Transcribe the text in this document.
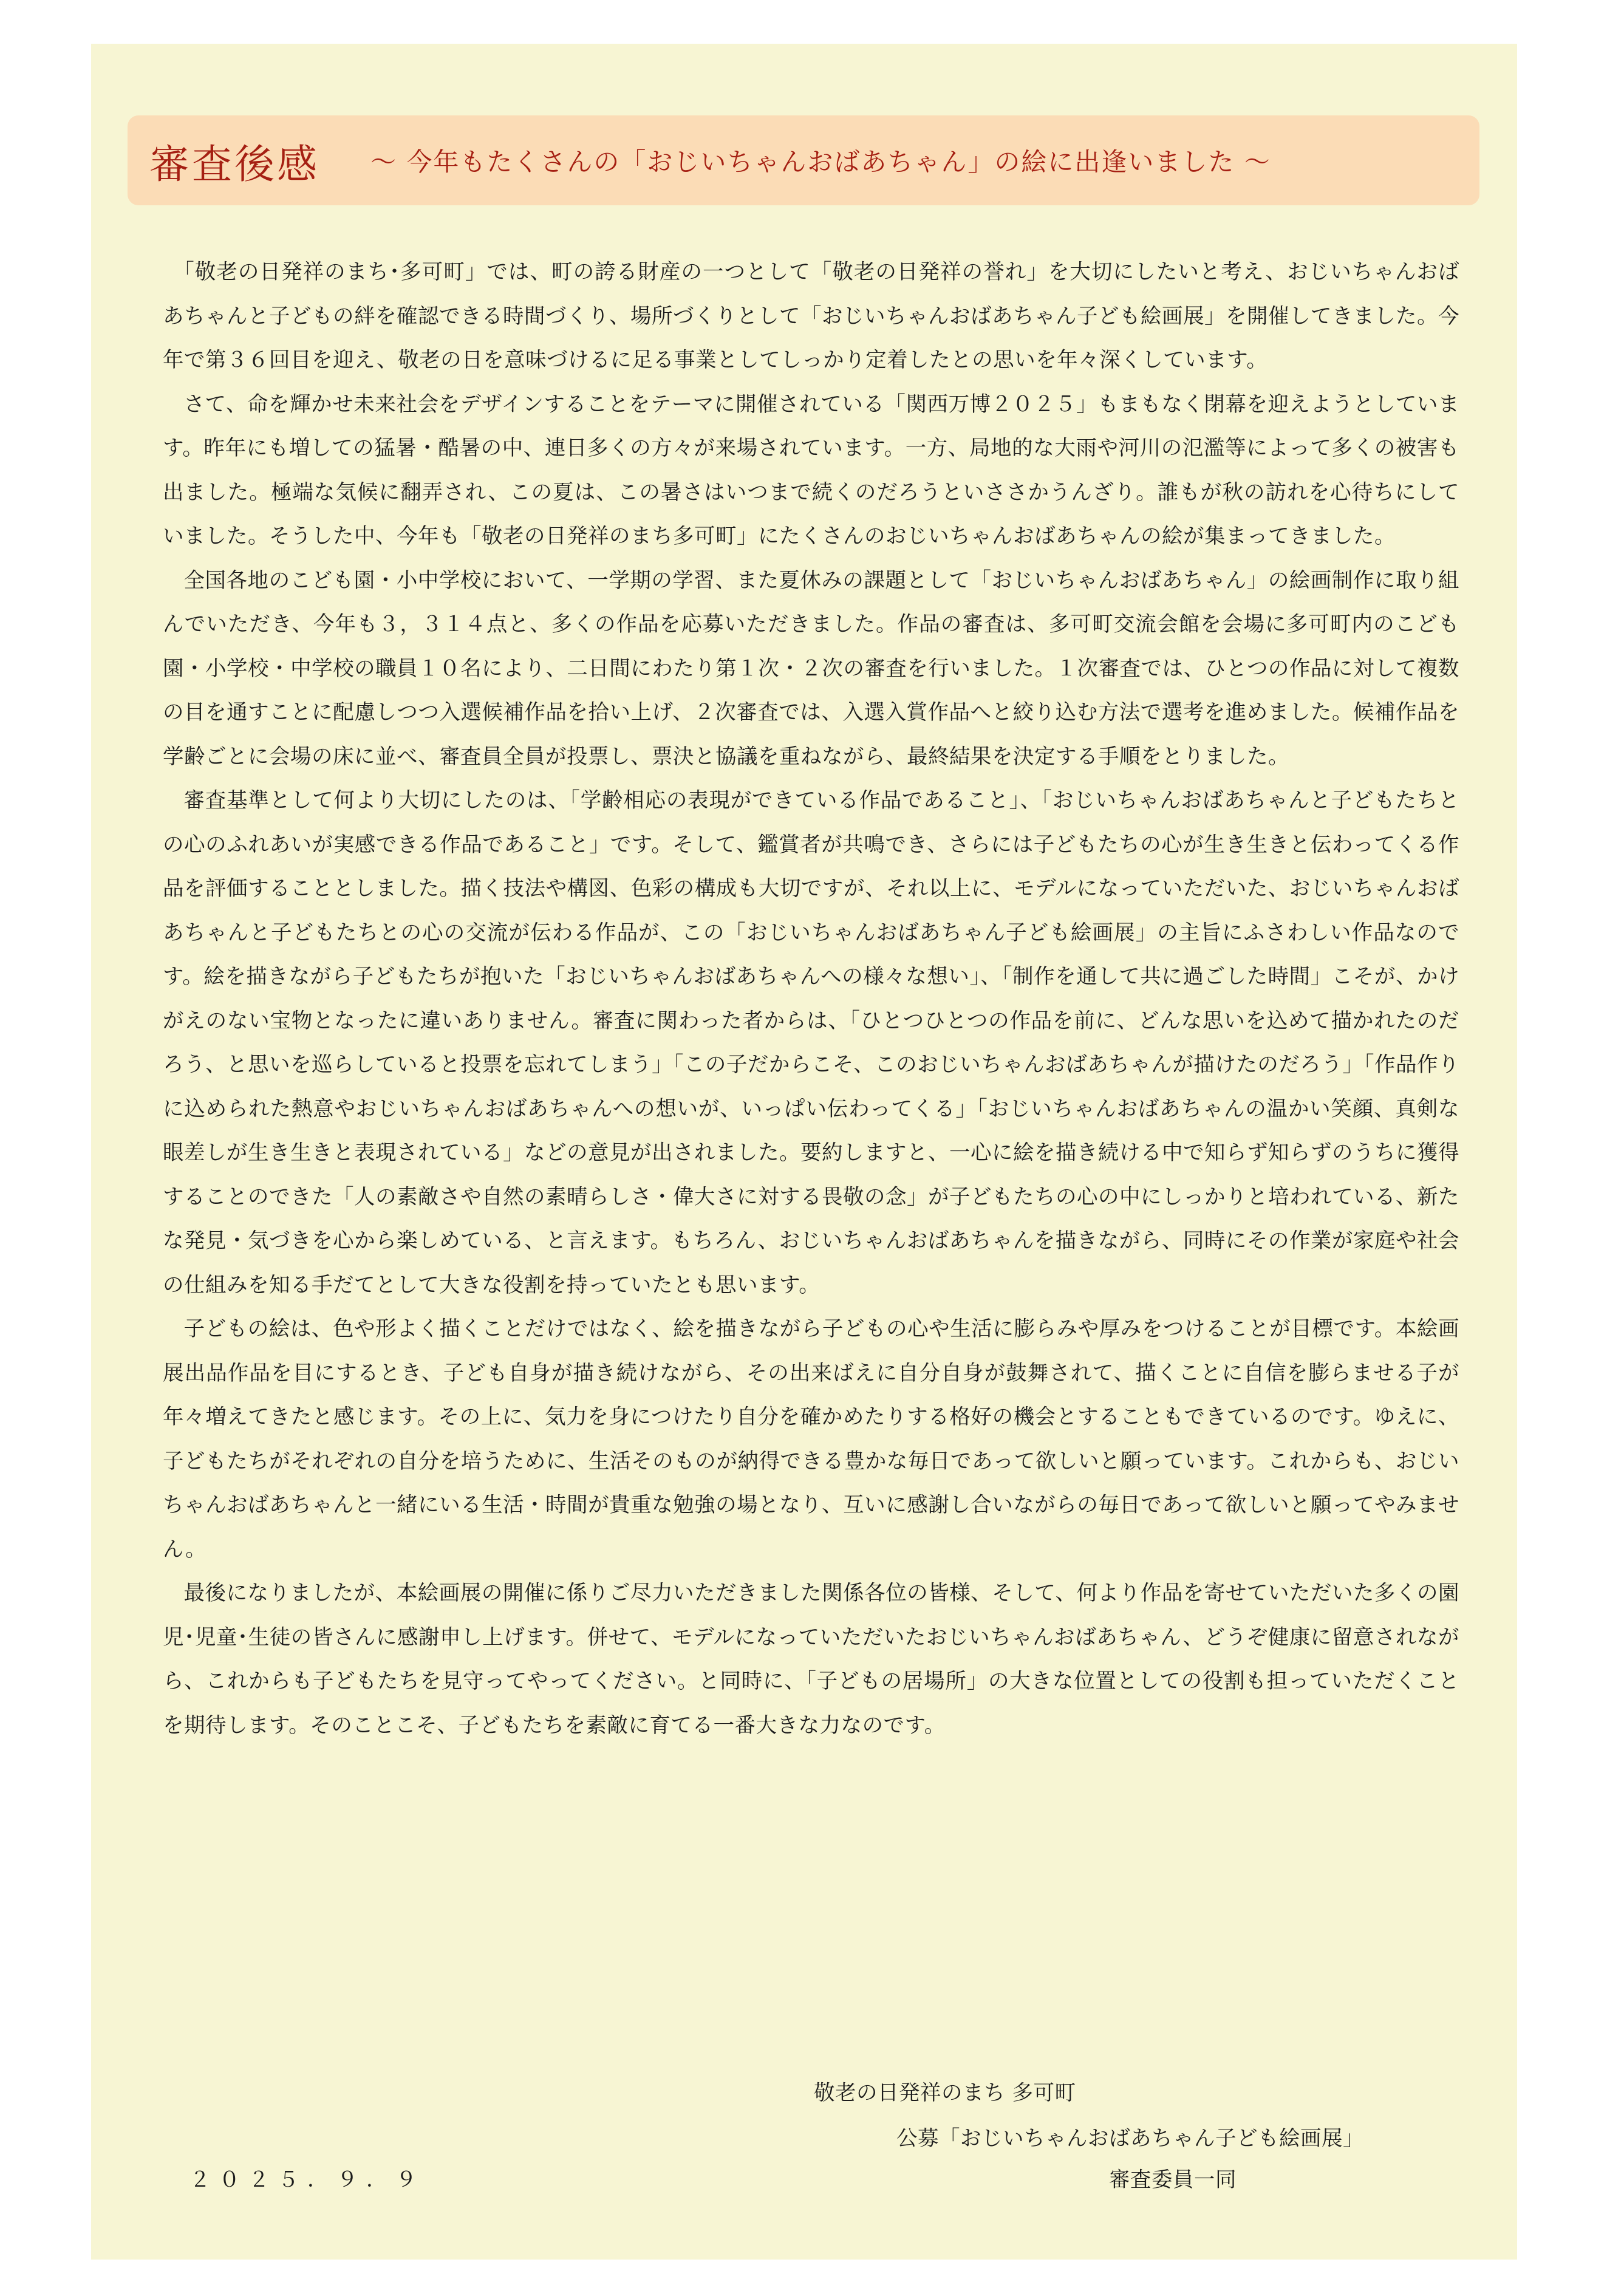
審査後感 ～ 今年もたくさんの「おじいちゃんおばあちゃん」の絵に出逢いました ～

「敬老の日発祥のまち･多可町」では、町の誇る財産の一つとして「敬老の日発祥の誉れ」を大切にしたいと考え、おじいちゃんおばあちゃんと子どもの絆を確認できる時間づくり、場所づくりとして「おじいちゃんおばあちゃん子ども絵画展」を開催してきました。今年で第３６回目を迎え、敬老の日を意味づけるに足る事業としてしっかり定着したとの思いを年々深くしています。

さて、命を輝かせ未来社会をデザインすることをテーマに開催されている「関西万博２０２５」もまもなく閉幕を迎えようとしています。昨年にも増しての猛暑・酷暑の中、連日多くの方々が来場されています。一方、局地的な大雨や河川の氾濫等によって多くの被害も出ました。極端な気候に翻弄され、この夏は、この暑さはいつまで続くのだろうといささかうんざり。誰もが秋の訪れを心待ちにしていました。そうした中、今年も「敬老の日発祥のまち多可町」にたくさんのおじいちゃんおばあちゃんの絵が集まってきました。

全国各地のこども園・小中学校において、一学期の学習、また夏休みの課題として「おじいちゃんおばあちゃん」の絵画制作に取り組んでいただき、今年も３，３１４点と、多くの作品を応募いただきました。作品の審査は、多可町交流会館を会場に多可町内のこども園・小学校・中学校の職員１０名により、二日間にわたり第１次・２次の審査を行いました。１次審査では、ひとつの作品に対して複数の目を通すことに配慮しつつ入選候補作品を拾い上げ、２次審査では、入選入賞作品へと絞り込む方法で選考を進めました。候補作品を学齢ごとに会場の床に並べ、審査員全員が投票し、票決と協議を重ねながら、最終結果を決定する手順をとりました。

審査基準として何より大切にしたのは、「学齢相応の表現ができている作品であること」、「おじいちゃんおばあちゃんと子どもたちとの心のふれあいが実感できる作品であること」です。そして、鑑賞者が共鳴でき、さらには子どもたちの心が生き生きと伝わってくる作品を評価することとしました。描く技法や構図、色彩の構成も大切ですが、それ以上に、モデルになっていただいた、おじいちゃんおばあちゃんと子どもたちとの心の交流が伝わる作品が、この「おじいちゃんおばあちゃん子ども絵画展」の主旨にふさわしい作品なのです。絵を描きながら子どもたちが抱いた「おじいちゃんおばあちゃんへの様々な想い」、「制作を通して共に過ごした時間」こそが、かけがえのない宝物となったに違いありません。審査に関わった者からは、「ひとつひとつの作品を前に、どんな思いを込めて描かれたのだろう、と思いを巡らしていると投票を忘れてしまう」「この子だからこそ、このおじいちゃんおばあちゃんが描けたのだろう」「作品作りに込められた熱意やおじいちゃんおばあちゃんへの想いが、いっぱい伝わってくる」「おじいちゃんおばあちゃんの温かい笑顔、真剣な眼差しが生き生きと表現されている」などの意見が出されました。要約しますと、一心に絵を描き続ける中で知らず知らずのうちに獲得することのできた「人の素敵さや自然の素晴らしさ・偉大さに対する畏敬の念」が子どもたちの心の中にしっかりと培われている、新たな発見・気づきを心から楽しめている、と言えます。もちろん、おじいちゃんおばあちゃんを描きながら、同時にその作業が家庭や社会の仕組みを知る手だてとして大きな役割を持っていたとも思います。

子どもの絵は、色や形よく描くことだけではなく、絵を描きながら子どもの心や生活に膨らみや厚みをつけることが目標です。本絵画展出品作品を目にするとき、子ども自身が描き続けながら、その出来ばえに自分自身が鼓舞されて、描くことに自信を膨らませる子が年々増えてきたと感じます。その上に、気力を身につけたり自分を確かめたりする格好の機会とすることもできているのです。ゆえに、子どもたちがそれぞれの自分を培うために、生活そのものが納得できる豊かな毎日であって欲しいと願っています。これからも、おじいちゃんおばあちゃんと一緒にいる生活・時間が貴重な勉強の場となり、互いに感謝し合いながらの毎日であって欲しいと願ってやみません。

最後になりましたが、本絵画展の開催に係りご尽力いただきました関係各位の皆様、そして、何より作品を寄せていただいた多くの園児･児童･生徒の皆さんに感謝申し上げます。併せて、モデルになっていただいたおじいちゃんおばあちゃん、どうぞ健康に留意されながら、これからも子どもたちを見守ってやってください。と同時に、「子どもの居場所」の大きな位置としての役割も担っていただくことを期待します。そのことこそ、子どもたちを素敵に育てる一番大きな力なのです。

敬老の日発祥のまち 多可町
公募「おじいちゃんおばあちゃん子ども絵画展」
２０２５．９．９	審査委員一同
